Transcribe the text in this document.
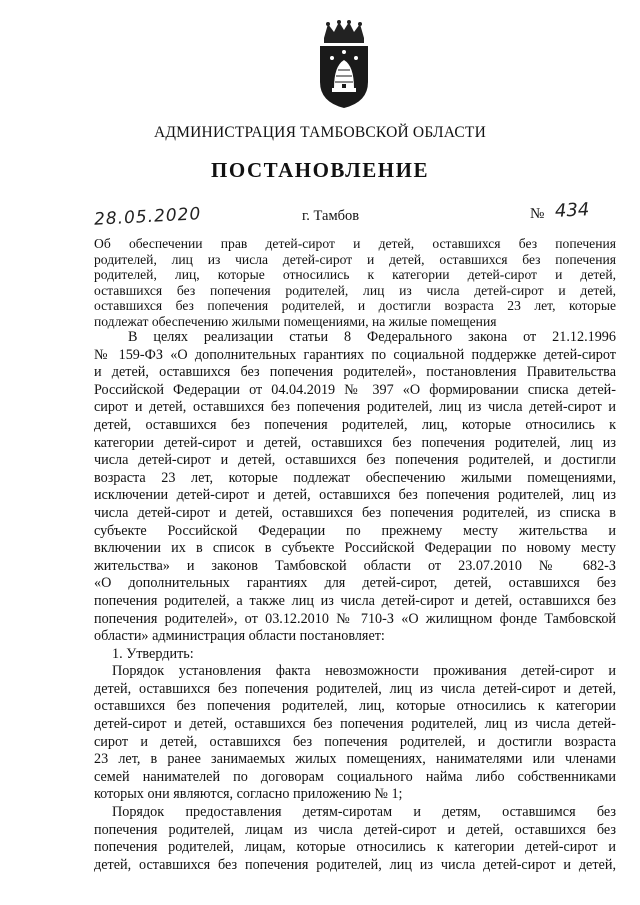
АДМИНИСТРАЦИЯ ТАМБОВСКОЙ ОБЛАСТИ
ПОСТАНОВЛЕНИЕ
28.05.2020	г. Тамбов	№ 434
Об обеспечении прав детей-сирот и детей, оставшихся без попечения
родителей, лиц из числа детей-сирот и детей, оставшихся без попечения
родителей, лиц, которые относились к категории детей-сирот и детей,
оставшихся без попечения родителей, лиц из числа детей-сирот и детей,
оставшихся без попечения родителей, и достигли возраста 23 лет, которые
подлежат обеспечению жилыми помещениями, на жилые помещения
В целях реализации статьи 8 Федерального закона от 21.12.1996
№ 159-ФЗ «О дополнительных гарантиях по социальной поддержке детей-сирот
и детей, оставшихся без попечения родителей», постановления Правительства
Российской Федерации от 04.04.2019 № 397 «О формировании списка детей-
сирот и детей, оставшихся без попечения родителей, лиц из числа детей-сирот и
детей, оставшихся без попечения родителей, лиц, которые относились к
категории детей-сирот и детей, оставшихся без попечения родителей, лиц из
числа детей-сирот и детей, оставшихся без попечения родителей, и достигли
возраста 23 лет, которые подлежат обеспечению жилыми помещениями,
исключении детей-сирот и детей, оставшихся без попечения родителей, лиц из
числа детей-сирот и детей, оставшихся без попечения родителей, из списка в
субъекте Российской Федерации по прежнему месту жительства и
включении их в список в субъекте Российской Федерации по новому месту
жительства» и законов Тамбовской области от 23.07.2010 № 682-З
«О дополнительных гарантиях для детей-сирот, детей, оставшихся без
попечения родителей, а также лиц из числа детей-сирот и детей, оставшихся без
попечения родителей», от 03.12.2010 № 710-З «О жилищном фонде Тамбовской
области» администрация области постановляет:
1. Утвердить:
Порядок установления факта невозможности проживания детей-сирот и
детей, оставшихся без попечения родителей, лиц из числа детей-сирот и детей,
оставшихся без попечения родителей, лиц, которые относились к категории
детей-сирот и детей, оставшихся без попечения родителей, лиц из числа детей-
сирот и детей, оставшихся без попечения родителей, и достигли возраста
23 лет, в ранее занимаемых жилых помещениях, нанимателями или членами
семей нанимателей по договорам социального найма либо собственниками
которых они являются, согласно приложению № 1;
Порядок предоставления детям-сиротам и детям, оставшимся без
попечения родителей, лицам из числа детей-сирот и детей, оставшихся без
попечения родителей, лицам, которые относились к категории детей-сирот и
детей, оставшихся без попечения родителей, лиц из числа детей-сирот и детей,
